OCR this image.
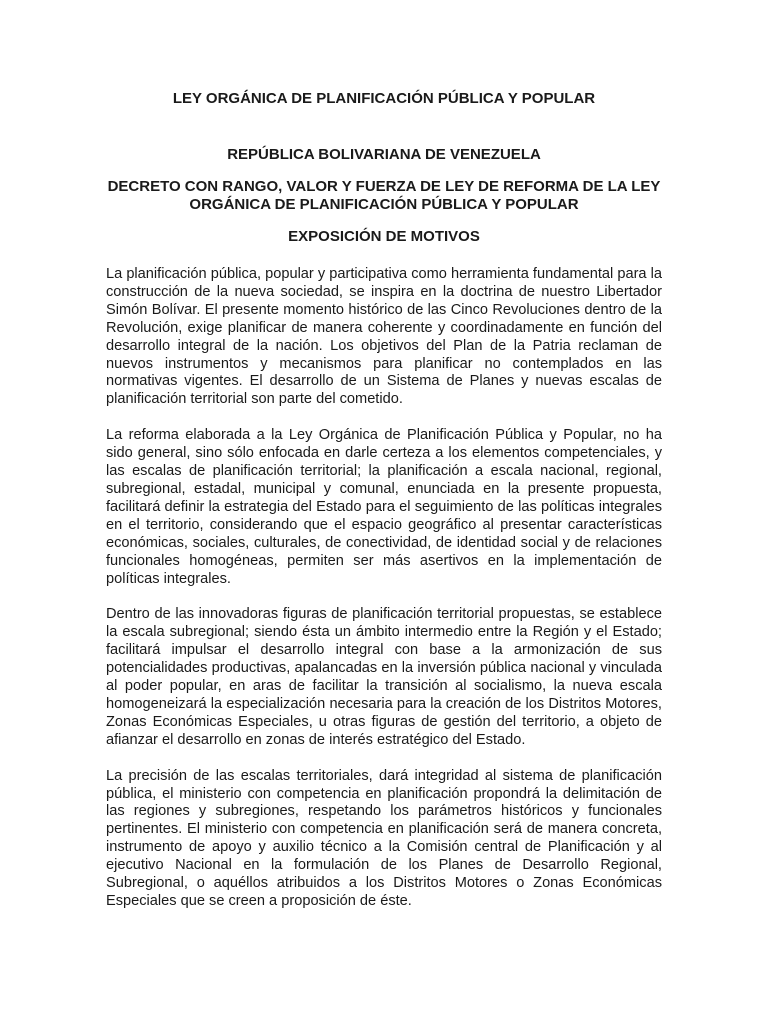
LEY ORGÁNICA DE PLANIFICACIÓN PÚBLICA Y POPULAR
REPÚBLICA BOLIVARIANA DE VENEZUELA
DECRETO CON RANGO, VALOR Y FUERZA DE LEY DE REFORMA DE LA LEY ORGÁNICA DE PLANIFICACIÓN PÚBLICA Y POPULAR
EXPOSICIÓN DE MOTIVOS

La planificación pública, popular y participativa como herramienta fundamental para la construcción de la nueva sociedad, se inspira en la doctrina de nuestro Libertador Simón Bolívar. El presente momento histórico de las Cinco Revoluciones dentro de la Revolución, exige planificar de manera coherente y coordinadamente en función del desarrollo integral de la nación. Los objetivos del Plan de la Patria reclaman de nuevos instrumentos y mecanismos para planificar no contemplados en las normativas vigentes. El desarrollo de un Sistema de Planes y nuevas escalas de planificación territorial son parte del cometido.

La reforma elaborada a la Ley Orgánica de Planificación Pública y Popular, no ha sido general, sino sólo enfocada en darle certeza a los elementos competenciales, y las escalas de planificación territorial; la planificación a escala nacional, regional, subregional, estadal, municipal y comunal, enunciada en la presente propuesta, facilitará definir la estrategia del Estado para el seguimiento de las políticas integrales en el territorio, considerando que el espacio geográfico al presentar características económicas, sociales, culturales, de conectividad, de identidad social y de relaciones funcionales homogéneas, permiten ser más asertivos en la implementación de políticas integrales.

Dentro de las innovadoras figuras de planificación territorial propuestas, se establece la escala subregional; siendo ésta un ámbito intermedio entre la Región y el Estado; facilitará impulsar el desarrollo integral con base a la armonización de sus potencialidades productivas, apalancadas en la inversión pública nacional y vinculada al poder popular, en aras de facilitar la transición al socialismo, la nueva escala homogeneizará la especialización necesaria para la creación de los Distritos Motores, Zonas Económicas Especiales, u otras figuras de gestión del territorio, a objeto de afianzar el desarrollo en zonas de interés estratégico del Estado.

La precisión de las escalas territoriales, dará integridad al sistema de planificación pública, el ministerio con competencia en planificación propondrá la delimitación de las regiones y subregiones, respetando los parámetros históricos y funcionales pertinentes. El ministerio con competencia en planificación será de manera concreta, instrumento de apoyo y auxilio técnico a la Comisión central de Planificación y al ejecutivo Nacional en la formulación de los Planes de Desarrollo Regional, Subregional, o aquéllos atribuidos a los Distritos Motores o Zonas Económicas Especiales que se creen a proposición de éste.
